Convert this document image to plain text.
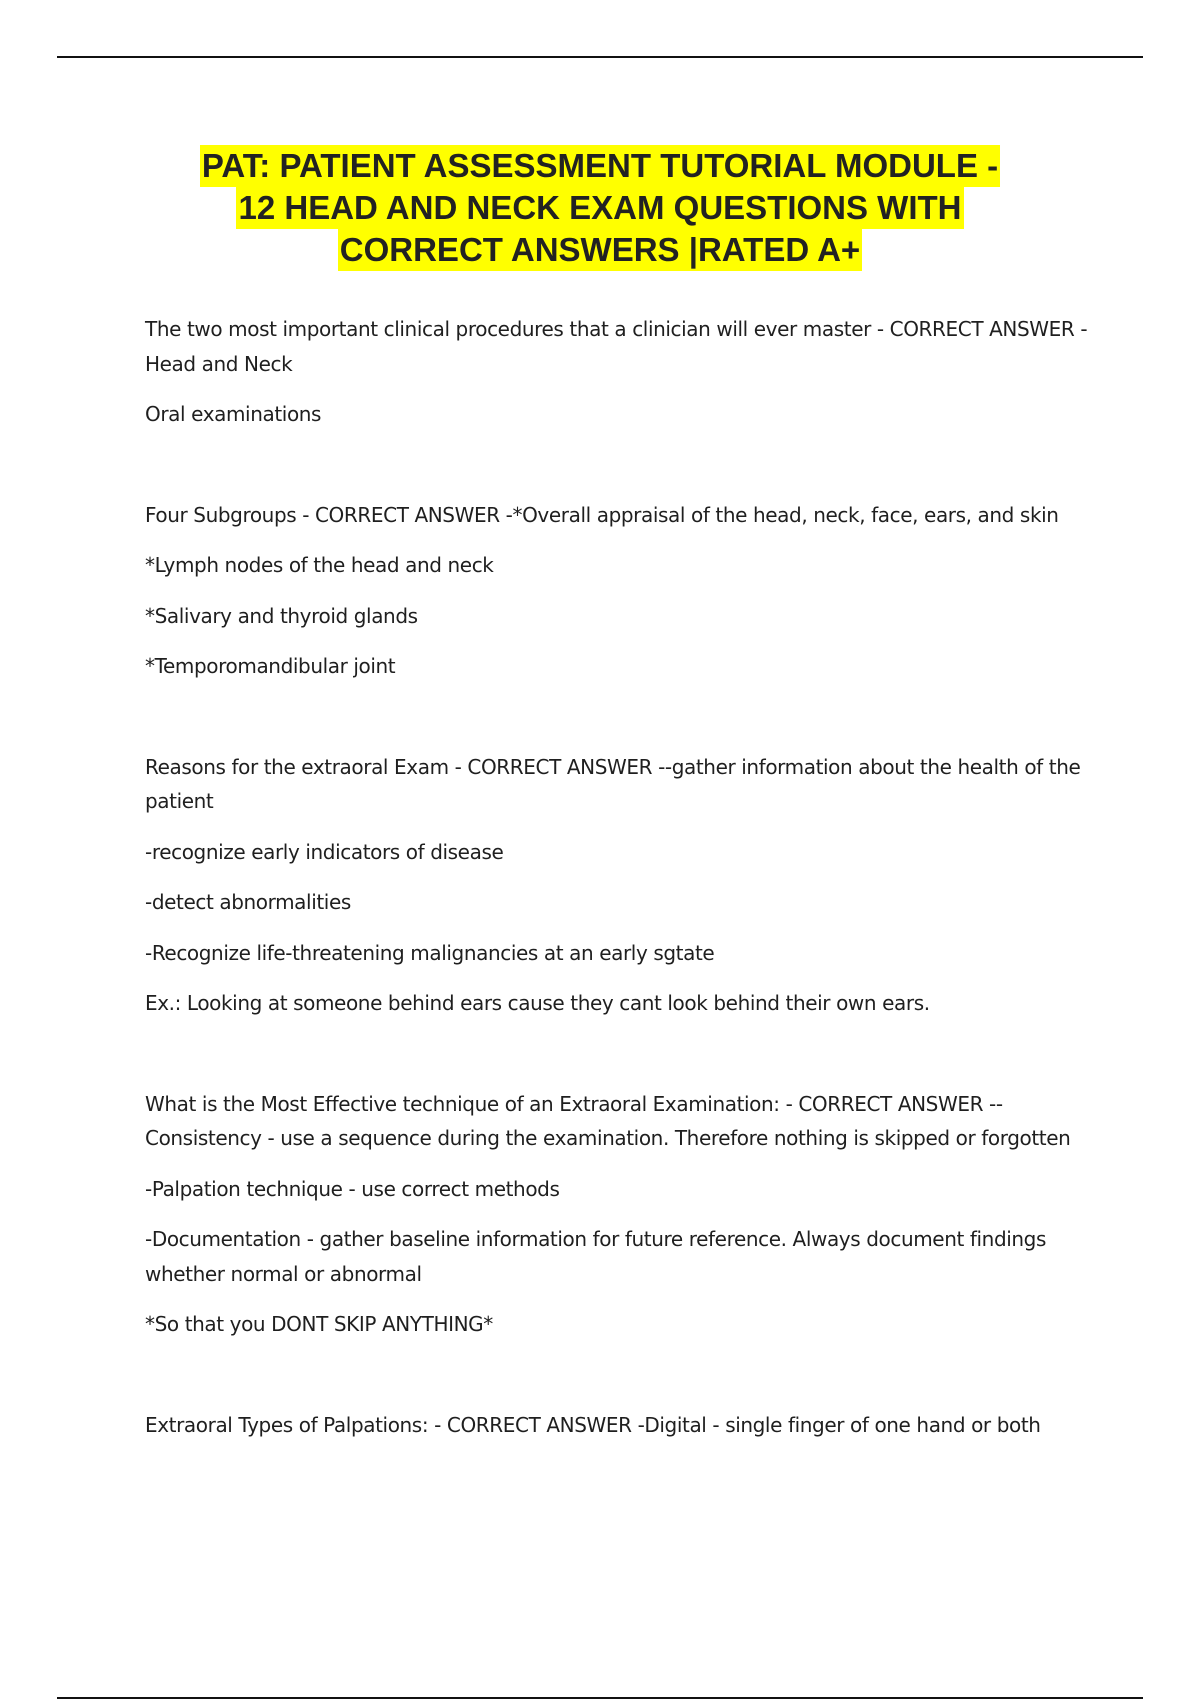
PAT: PATIENT ASSESSMENT TUTORIAL MODULE -
12 HEAD AND NECK EXAM QUESTIONS WITH
CORRECT ANSWERS |RATED A+

The two most important clinical procedures that a clinician will ever master - CORRECT ANSWER -Head and Neck

Oral examinations

Four Subgroups - CORRECT ANSWER -*Overall appraisal of the head, neck, face, ears, and skin

*Lymph nodes of the head and neck

*Salivary and thyroid glands

*Temporomandibular joint

Reasons for the extraoral Exam - CORRECT ANSWER --gather information about the health of the patient

-recognize early indicators of disease

-detect abnormalities

-Recognize life-threatening malignancies at an early sgtate

Ex.: Looking at someone behind ears cause they cant look behind their own ears.

What is the Most Effective technique of an Extraoral Examination: - CORRECT ANSWER --Consistency - use a sequence during the examination. Therefore nothing is skipped or forgotten

-Palpation technique - use correct methods

-Documentation - gather baseline information for future reference. Always document findings whether normal or abnormal

*So that you DONT SKIP ANYTHING*

Extraoral Types of Palpations: - CORRECT ANSWER -Digital - single finger of one hand or both
